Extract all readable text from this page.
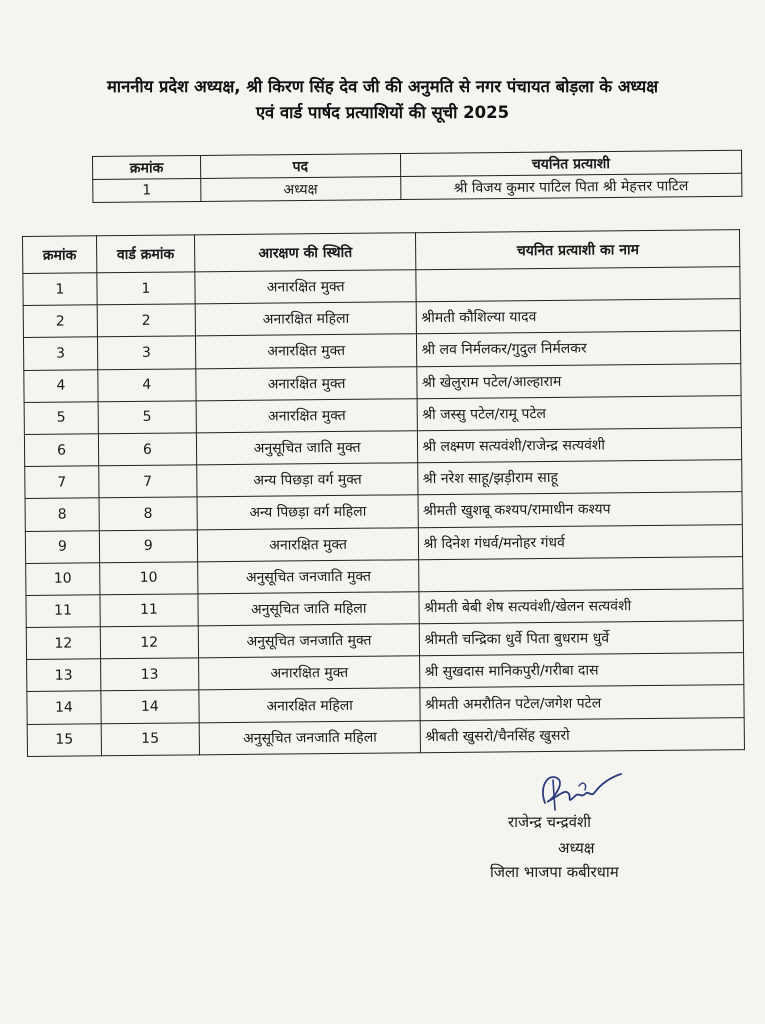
माननीय प्रदेश अध्यक्ष, श्री किरण सिंह देव जी की अनुमति से नगर पंचायत बोड़ला के अध्यक्ष
एवं वार्ड पार्षद प्रत्याशियों की सूची 2025
क्रमांक	पद	चयनित प्रत्याशी
1	अध्यक्ष	श्री विजय कुमार पाटिल पिता श्री मेहत्तर पाटिल
क्रमांक	वार्ड क्रमांक	आरक्षण की स्थिति	चयनित प्रत्याशी का नाम
1	1	अनारक्षित मुक्त	
2	2	अनारक्षित महिला	श्रीमती कौशिल्या यादव
3	3	अनारक्षित मुक्त	श्री लव निर्मलकर/गुदुल निर्मलकर
4	4	अनारक्षित मुक्त	श्री खेलुराम पटेल/आल्हाराम
5	5	अनारक्षित मुक्त	श्री जस्सु पटेल/रामू पटेल
6	6	अनुसूचित जाति मुक्त	श्री लक्ष्मण सत्यवंशी/राजेन्द्र सत्यवंशी
7	7	अन्य पिछड़ा वर्ग मुक्त	श्री नरेश साहू/झड़ीराम साहू
8	8	अन्य पिछड़ा वर्ग महिला	श्रीमती खुशबू कश्यप/रामाधीन कश्यप
9	9	अनारक्षित मुक्त	श्री दिनेश गंधर्व/मनोहर गंधर्व
10	10	अनुसूचित जनजाति मुक्त	
11	11	अनुसूचित जाति महिला	श्रीमती बेबी शेष सत्यवंशी/खेलन सत्यवंशी
12	12	अनुसूचित जनजाति मुक्त	श्रीमती चन्द्रिका धुर्वे पिता बुधराम धुर्वे
13	13	अनारक्षित मुक्त	श्री सुखदास मानिकपुरी/गरीबा दास
14	14	अनारक्षित महिला	श्रीमती अमरौतिन पटेल/जगेश पटेल
15	15	अनुसूचित जनजाति महिला	श्रीबती खुसरो/चैनसिंह खुसरो
राजेन्द्र चन्द्रवंशी
अध्यक्ष
जिला भाजपा कबीरधाम
